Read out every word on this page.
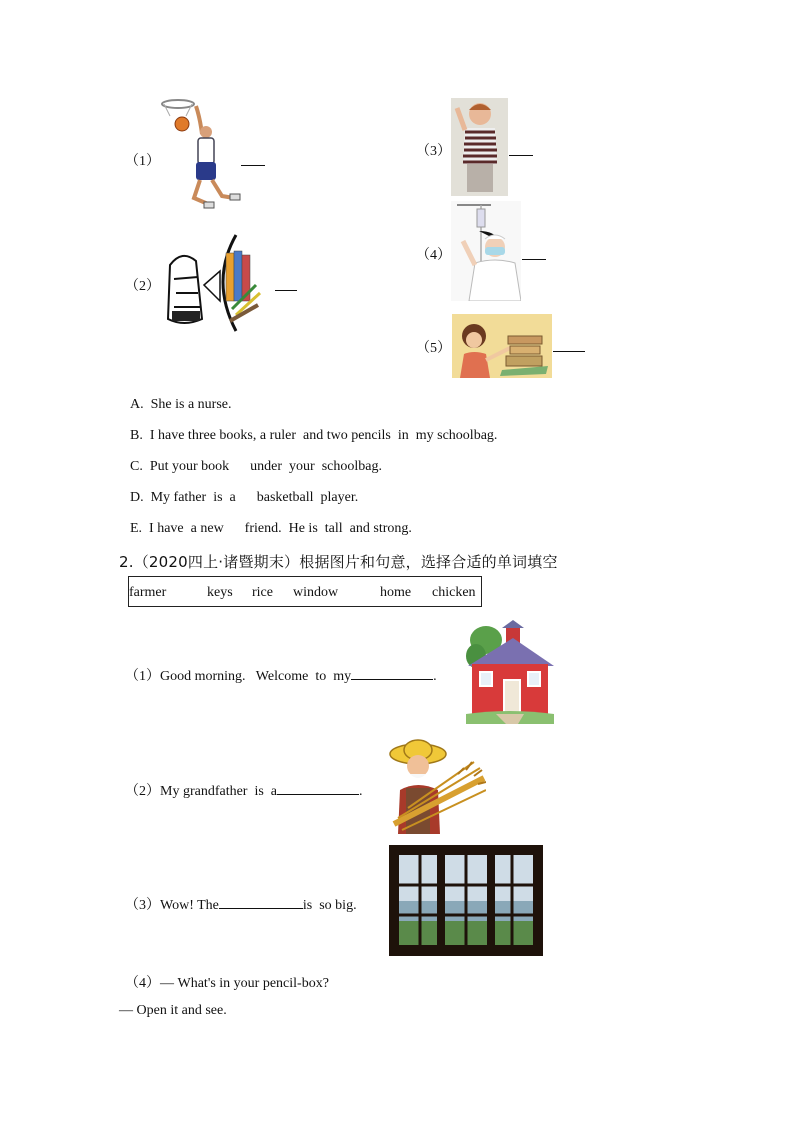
（1）
（2）
（3）
（4）
（5）
A.  She is a nurse.
B.  I have three books, a ruler  and two pencils  in  my schoolbag.
C.  Put your book      under  your  schoolbag.
D.  My father  is  a      basketball  player.
E.  I have  a new      friend.  He is  tall  and strong.
2.（2020四上·诸暨期末）根据图片和句意，选择合适的单词填空
farmer	keys rice window	home chicken
（1）Good morning.   Welcome  to  my	.
（2）My grandfather  is  a	.
（3）Wow! The	is  so big.
（4）— What's in your pencil-box?
— Open it and see.
